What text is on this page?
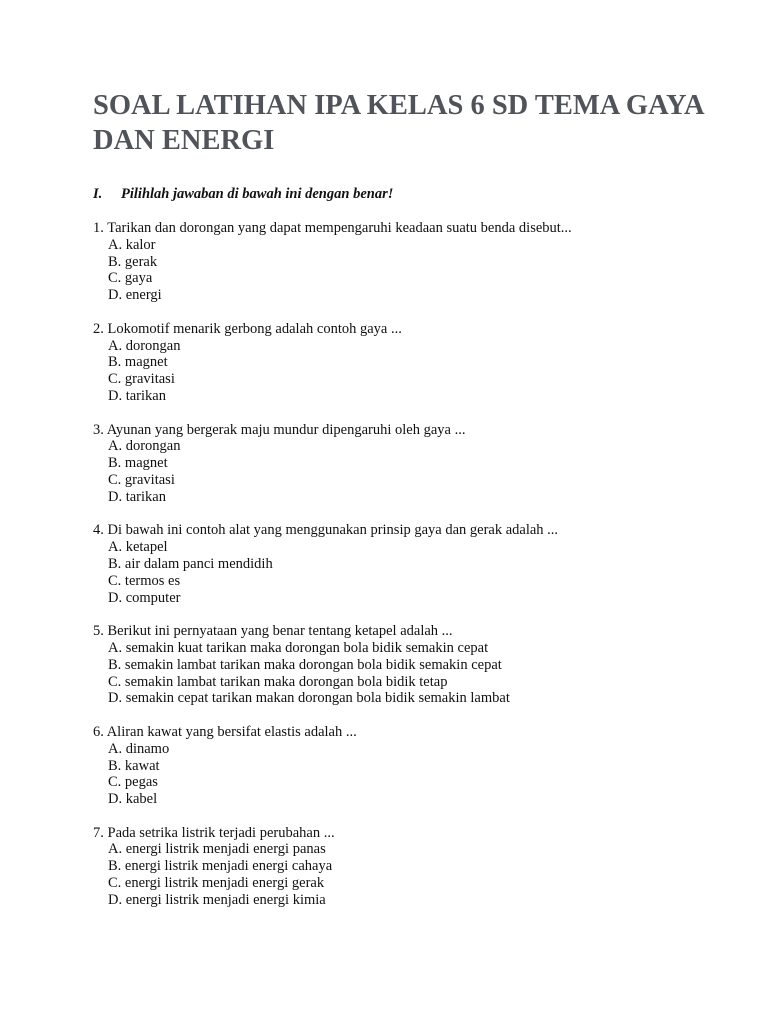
SOAL LATIHAN IPA KELAS 6 SD TEMA GAYA DAN ENERGI
I.	Pilihlah jawaban di bawah ini dengan benar!
1. Tarikan dan dorongan yang dapat mempengaruhi keadaan suatu benda disebut...
A. kalor
B. gerak
C. gaya
D. energi
2. Lokomotif menarik gerbong adalah contoh gaya ...
A. dorongan
B. magnet
C. gravitasi
D. tarikan
3. Ayunan yang bergerak maju mundur dipengaruhi oleh gaya ...
A. dorongan
B. magnet
C. gravitasi
D. tarikan
4. Di bawah ini contoh alat yang menggunakan prinsip gaya dan gerak adalah ...
A. ketapel
B. air dalam panci mendidih
C. termos es
D. computer
5. Berikut ini pernyataan yang benar tentang ketapel adalah ...
A. semakin kuat tarikan maka dorongan bola bidik semakin cepat
B. semakin lambat tarikan maka dorongan bola bidik semakin cepat
C. semakin lambat tarikan maka dorongan bola bidik tetap
D. semakin cepat tarikan makan dorongan bola bidik semakin lambat
6. Aliran kawat yang bersifat elastis adalah ...
A. dinamo
B. kawat
C. pegas
D. kabel
7. Pada setrika listrik terjadi perubahan ...
A. energi listrik menjadi energi panas
B. energi listrik menjadi energi cahaya
C. energi listrik menjadi energi gerak
D. energi listrik menjadi energi kimia
